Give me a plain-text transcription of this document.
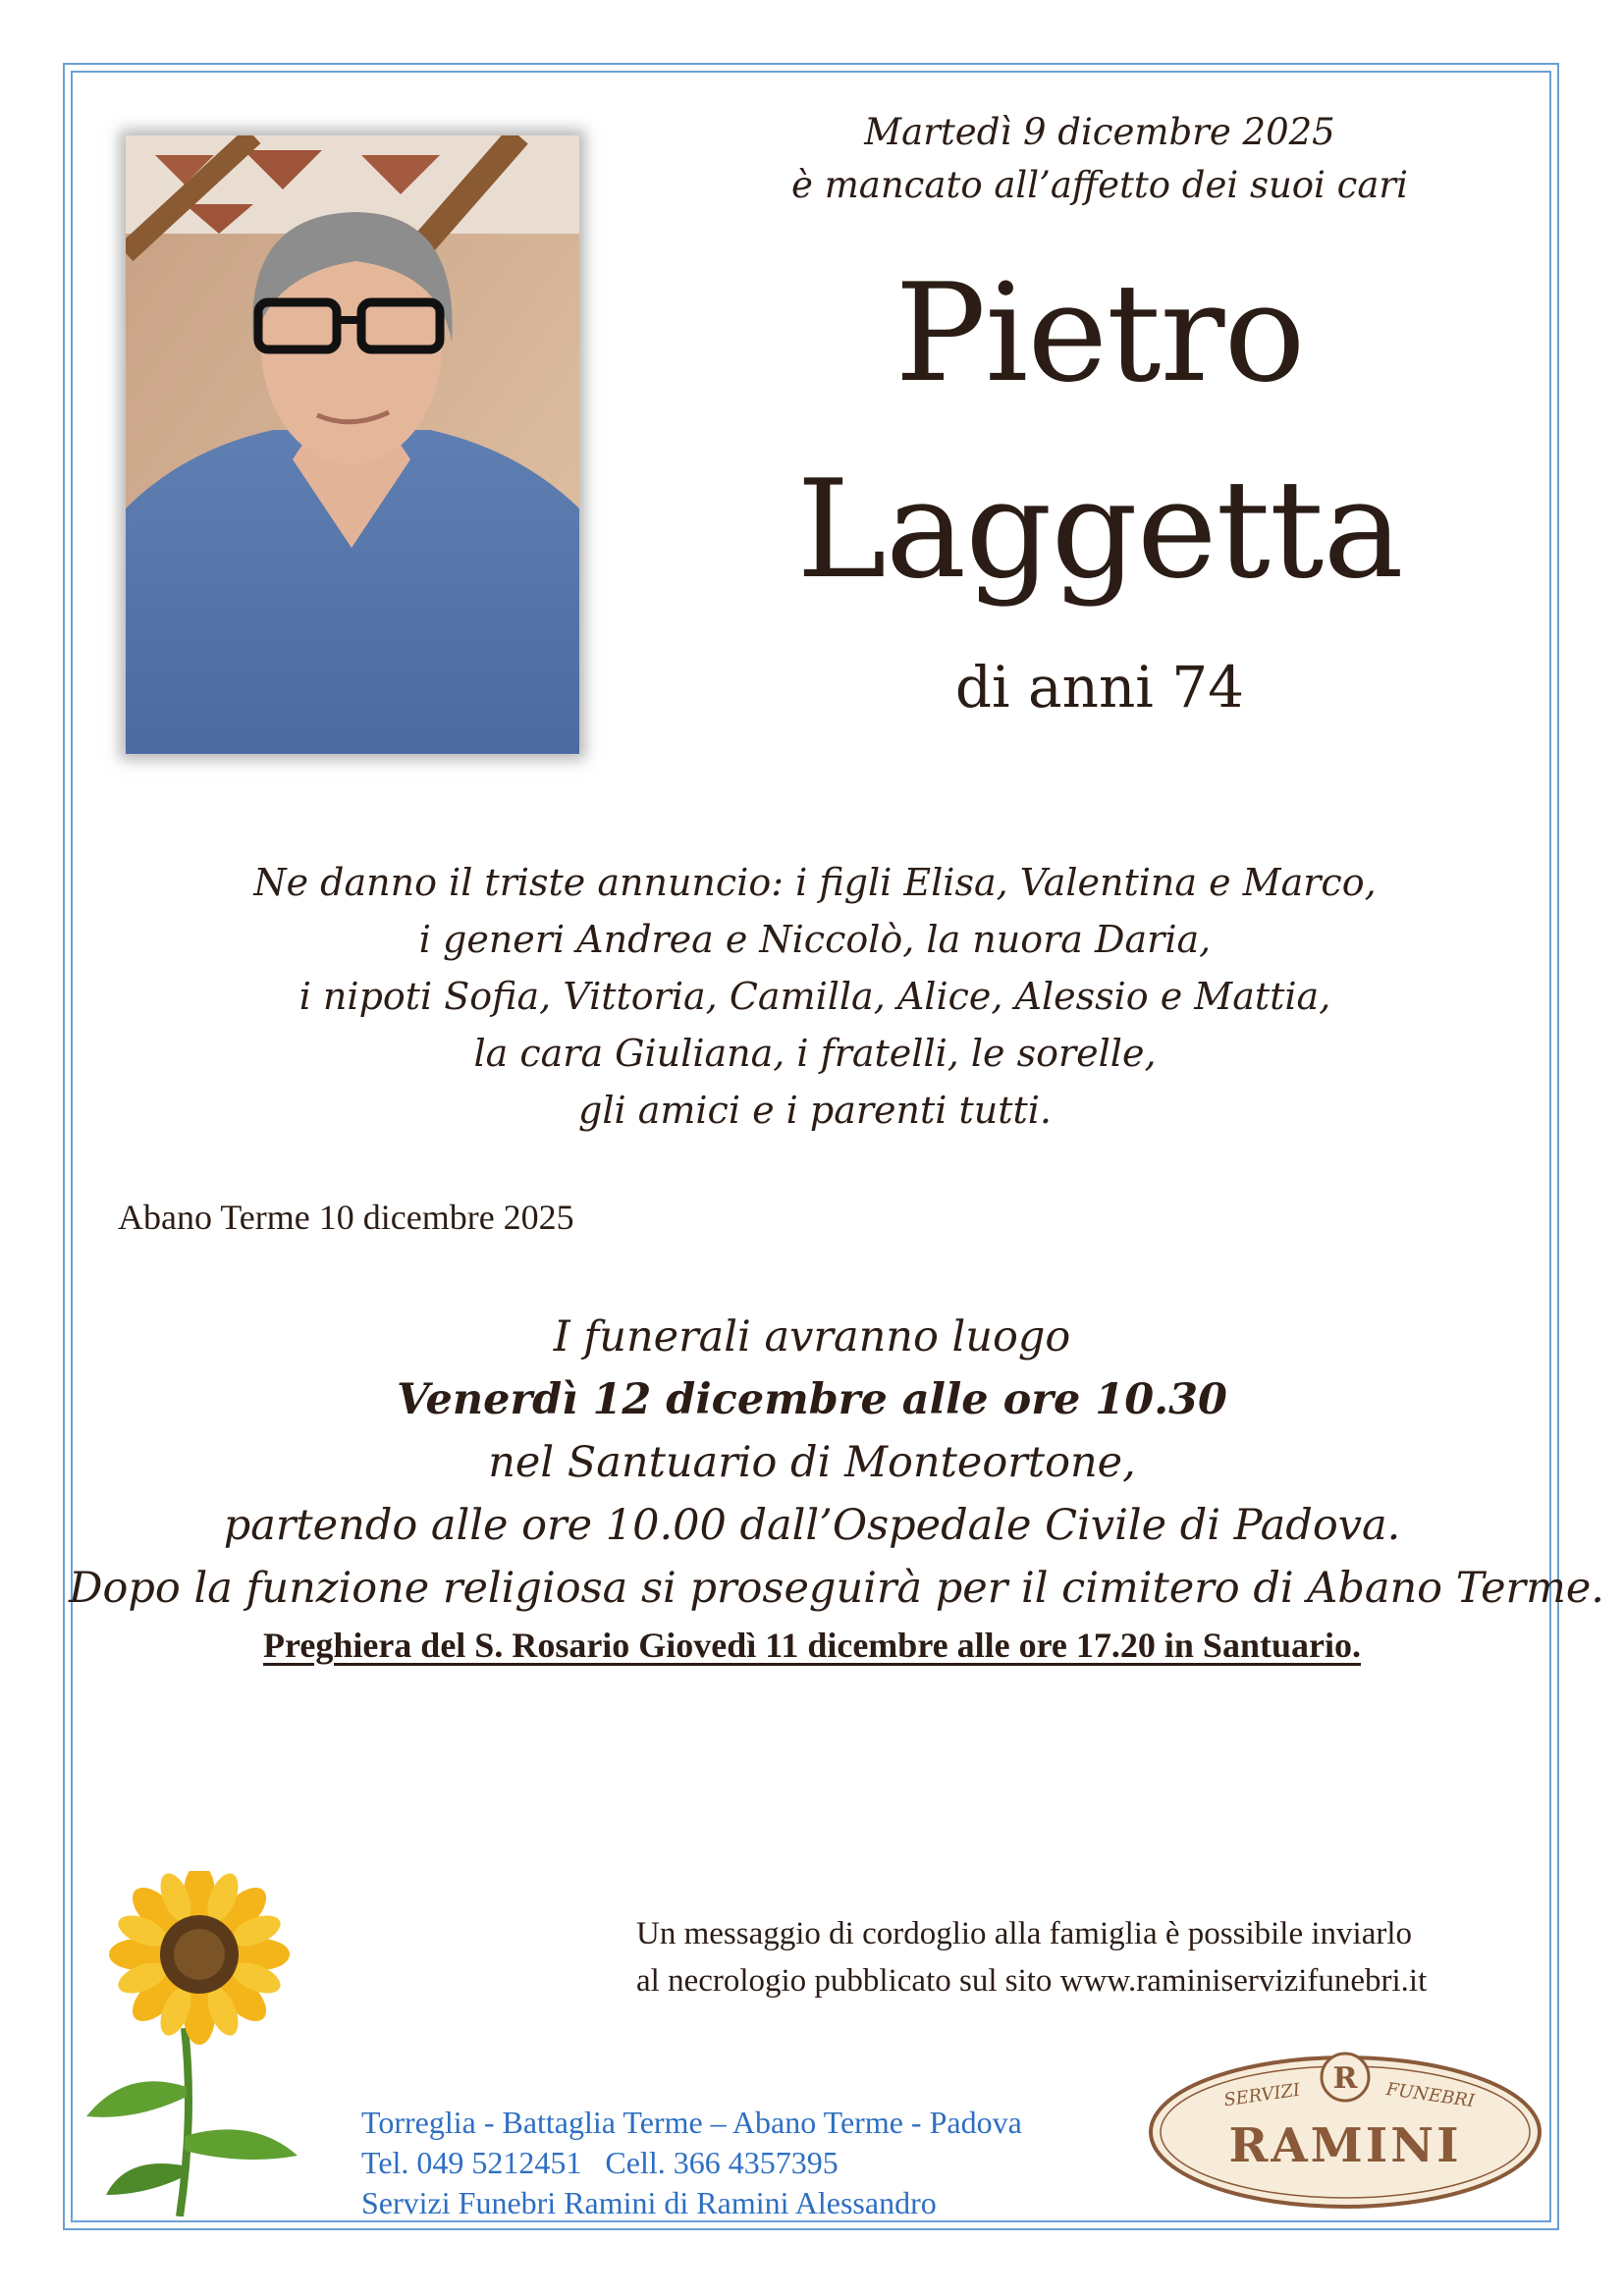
Martedì 9 dicembre 2025
è mancato all’affetto dei suoi cari
Pietro
Laggetta
di anni 74
Ne danno il triste annuncio: i figli Elisa, Valentina e Marco,
i generi Andrea e Niccolò, la nuora Daria,
i nipoti Sofia, Vittoria, Camilla, Alice, Alessio e Mattia,
la cara Giuliana, i fratelli, le sorelle,
gli amici e i parenti tutti.
Abano Terme 10 dicembre 2025
I funerali avranno luogo
Venerdì 12 dicembre alle ore 10.30
nel Santuario di Monteortone,
partendo alle ore 10.00 dall’Ospedale Civile di Padova.
Dopo la funzione religiosa si proseguirà per il cimitero di Abano Terme.
Preghiera del S. Rosario Giovedì 11 dicembre alle ore 17.20 in Santuario.
Un messaggio di cordoglio alla famiglia è possibile inviarlo
al necrologio pubblicato sul sito www.raminiservizifunebri.it
Torreglia - Battaglia Terme – Abano Terme - Padova
Tel. 049 5212451   Cell. 366 4357395
Servizi Funebri Ramini di Ramini Alessandro
R
SERVIZI	FUNEBRI
RAMINI
